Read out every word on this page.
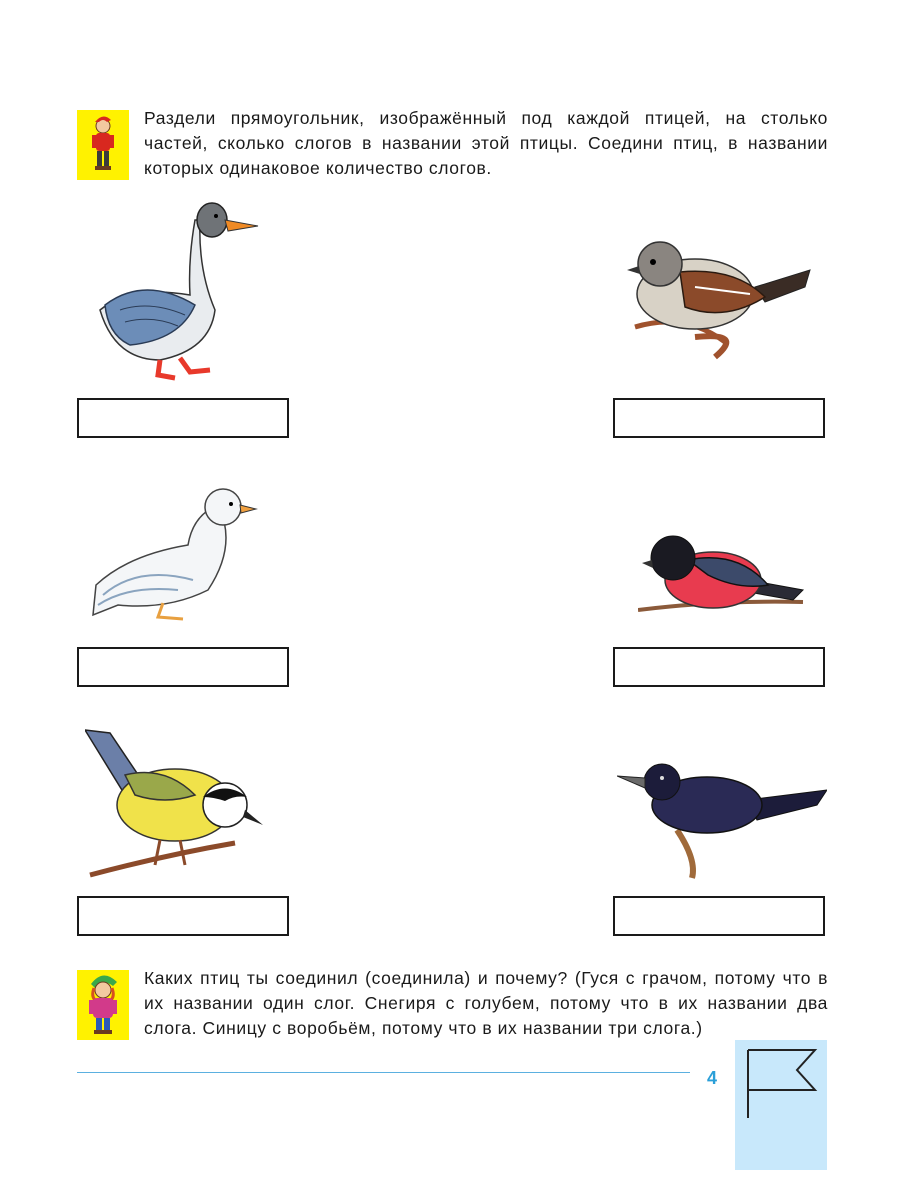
Раздели прямоугольник, изображённый под каждой птицей, на столько частей, сколько слогов в названии этой птицы. Соедини птиц, в названии которых одинаковое количество слогов.
Каких птиц ты соединил (соединила) и почему? (Гуся с грачом, потому что в их названии один слог. Снегиря с голубем, потому что в их названии два слога. Синицу с воробьём, потому что в их названии три слога.)
4
